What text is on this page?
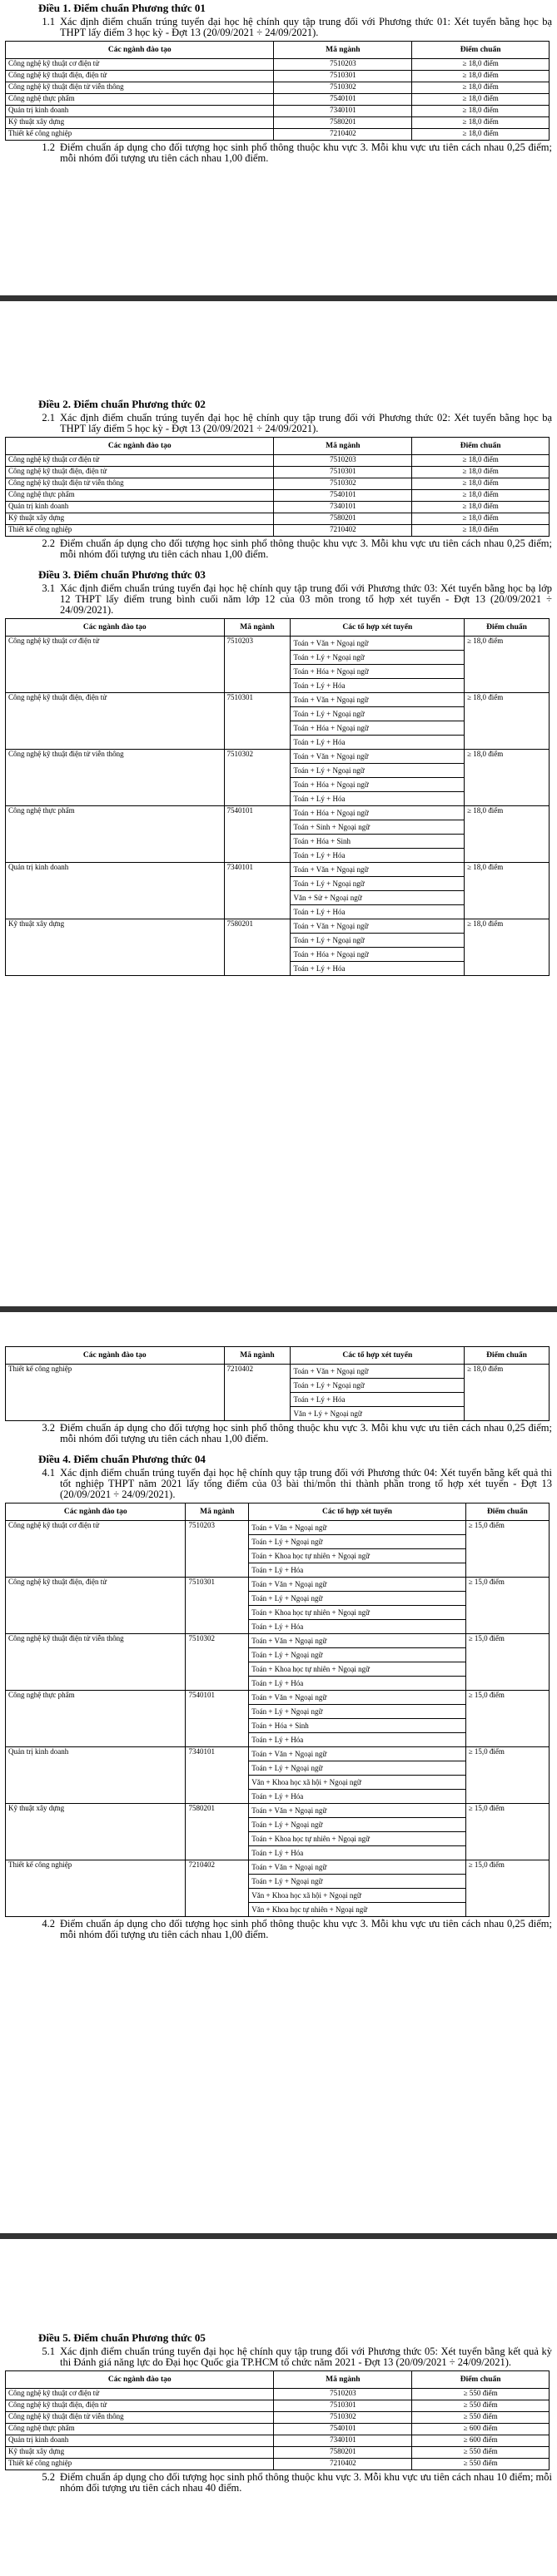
Điều 1. Điểm chuẩn Phương thức 01
1.1 Xác định điểm chuẩn trúng tuyển đại học hệ chính quy tập trung đối với Phương thức 01: Xét tuyển bằng học bạ THPT lấy điểm 3 học kỳ - Đợt 13 (20/09/2021 ÷ 24/09/2021).
Các ngành đào tạo	Mã ngành	Điểm chuẩn
Công nghệ kỹ thuật cơ điện tử	7510203	≥ 18,0 điểm
Công nghệ kỹ thuật điện, điện tử	7510301	≥ 18,0 điểm
Công nghệ kỹ thuật điện tử viễn thông	7510302	≥ 18,0 điểm
Công nghệ thực phẩm	7540101	≥ 18,0 điểm
Quản trị kinh doanh	7340101	≥ 18,0 điểm
Kỹ thuật xây dựng	7580201	≥ 18,0 điểm
Thiết kế công nghiệp	7210402	≥ 18,0 điểm
1.2 Điểm chuẩn áp dụng cho đối tượng học sinh phổ thông thuộc khu vực 3. Mỗi khu vực ưu tiên cách nhau 0,25 điểm; mỗi nhóm đối tượng ưu tiên cách nhau 1,00 điểm.
Điều 2. Điểm chuẩn Phương thức 02
2.1 Xác định điểm chuẩn trúng tuyển đại học hệ chính quy tập trung đối với Phương thức 02: Xét tuyển bằng học bạ THPT lấy điểm 5 học kỳ - Đợt 13 (20/09/2021 ÷ 24/09/2021).
Các ngành đào tạo	Mã ngành	Điểm chuẩn
Công nghệ kỹ thuật cơ điện tử	7510203	≥ 18,0 điểm
Công nghệ kỹ thuật điện, điện tử	7510301	≥ 18,0 điểm
Công nghệ kỹ thuật điện tử viễn thông	7510302	≥ 18,0 điểm
Công nghệ thực phẩm	7540101	≥ 18,0 điểm
Quản trị kinh doanh	7340101	≥ 18,0 điểm
Kỹ thuật xây dựng	7580201	≥ 18,0 điểm
Thiết kế công nghiệp	7210402	≥ 18,0 điểm
2.2 Điểm chuẩn áp dụng cho đối tượng học sinh phổ thông thuộc khu vực 3. Mỗi khu vực ưu tiên cách nhau 0,25 điểm; mỗi nhóm đối tượng ưu tiên cách nhau 1,00 điểm.
Điều 3. Điểm chuẩn Phương thức 03
3.1 Xác định điểm chuẩn trúng tuyển đại học hệ chính quy tập trung đối với Phương thức 03: Xét tuyển bằng học bạ lớp 12 THPT lấy điểm trung bình cuối năm lớp 12 của 03 môn trong tổ hợp xét tuyển - Đợt 13 (20/09/2021 ÷ 24/09/2021).
Các ngành đào tạo	Mã ngành	Các tổ hợp xét tuyển	Điểm chuẩn
Công nghệ kỹ thuật cơ điện tử	7510203	Toán + Văn + Ngoại ngữ
Toán + Lý + Ngoại ngữ
Toán + Hóa + Ngoại ngữ
Toán + Lý + Hóa	≥ 18,0 điểm
Công nghệ kỹ thuật điện, điện tử	7510301	Toán + Văn + Ngoại ngữ
Toán + Lý + Ngoại ngữ
Toán + Hóa + Ngoại ngữ
Toán + Lý + Hóa	≥ 18,0 điểm
Công nghệ kỹ thuật điện tử viễn thông	7510302	Toán + Văn + Ngoại ngữ
Toán + Lý + Ngoại ngữ
Toán + Hóa + Ngoại ngữ
Toán + Lý + Hóa	≥ 18,0 điểm
Công nghệ thực phẩm	7540101	Toán + Hóa + Ngoại ngữ
Toán + Sinh + Ngoại ngữ
Toán + Hóa + Sinh
Toán + Lý + Hóa	≥ 18,0 điểm
Quản trị kinh doanh	7340101	Toán + Văn + Ngoại ngữ
Toán + Lý + Ngoại ngữ
Văn + Sử + Ngoại ngữ
Toán + Lý + Hóa	≥ 18,0 điểm
Kỹ thuật xây dựng	7580201	Toán + Văn + Ngoại ngữ
Toán + Lý + Ngoại ngữ
Toán + Hóa + Ngoại ngữ
Toán + Lý + Hóa	≥ 18,0 điểm
Các ngành đào tạo	Mã ngành	Các tổ hợp xét tuyển	Điểm chuẩn
Thiết kế công nghiệp	7210402	Toán + Văn + Ngoại ngữ
Toán + Lý + Ngoại ngữ
Toán + Lý + Hóa
Văn + Lý + Ngoại ngữ	≥ 18,0 điểm
3.2 Điểm chuẩn áp dụng cho đối tượng học sinh phổ thông thuộc khu vực 3. Mỗi khu vực ưu tiên cách nhau 0,25 điểm; mỗi nhóm đối tượng ưu tiên cách nhau 1,00 điểm.
Điều 4. Điểm chuẩn Phương thức 04
4.1 Xác định điểm chuẩn trúng tuyển đại học hệ chính quy tập trung đối với Phương thức 04: Xét tuyển bằng kết quả thi tốt nghiệp THPT năm 2021 lấy tổng điểm của 03 bài thi/môn thi thành phần trong tổ hợp xét tuyển - Đợt 13 (20/09/2021 ÷ 24/09/2021).
Các ngành đào tạo	Mã ngành	Các tổ hợp xét tuyển	Điểm chuẩn
Công nghệ kỹ thuật cơ điện tử	7510203	Toán + Văn + Ngoại ngữ
Toán + Lý + Ngoại ngữ
Toán + Khoa học tự nhiên + Ngoại ngữ
Toán + Lý + Hóa	≥ 15,0 điểm
Công nghệ kỹ thuật điện, điện tử	7510301	Toán + Văn + Ngoại ngữ
Toán + Lý + Ngoại ngữ
Toán + Khoa học tự nhiên + Ngoại ngữ
Toán + Lý + Hóa	≥ 15,0 điểm
Công nghệ kỹ thuật điện tử viễn thông	7510302	Toán + Văn + Ngoại ngữ
Toán + Lý + Ngoại ngữ
Toán + Khoa học tự nhiên + Ngoại ngữ
Toán + Lý + Hóa	≥ 15,0 điểm
Công nghệ thực phẩm	7540101	Toán + Văn + Ngoại ngữ
Toán + Lý + Ngoại ngữ
Toán + Hóa + Sinh
Toán + Lý + Hóa	≥ 15,0 điểm
Quản trị kinh doanh	7340101	Toán + Văn + Ngoại ngữ
Toán + Lý + Ngoại ngữ
Văn + Khoa học xã hội + Ngoại ngữ
Toán + Lý + Hóa	≥ 15,0 điểm
Kỹ thuật xây dựng	7580201	Toán + Văn + Ngoại ngữ
Toán + Lý + Ngoại ngữ
Toán + Khoa học tự nhiên + Ngoại ngữ
Toán + Lý + Hóa	≥ 15,0 điểm
Thiết kế công nghiệp	7210402	Toán + Văn + Ngoại ngữ
Toán + Lý + Ngoại ngữ
Văn + Khoa học xã hội + Ngoại ngữ
Văn + Khoa học tự nhiên + Ngoại ngữ	≥ 15,0 điểm
4.2 Điểm chuẩn áp dụng cho đối tượng học sinh phổ thông thuộc khu vực 3. Mỗi khu vực ưu tiên cách nhau 0,25 điểm; mỗi nhóm đối tượng ưu tiên cách nhau 1,00 điểm.
Điều 5. Điểm chuẩn Phương thức 05
5.1 Xác định điểm chuẩn trúng tuyển đại học hệ chính quy tập trung đối với Phương thức 05: Xét tuyển bằng kết quả kỳ thi Đánh giá năng lực do Đại học Quốc gia TP.HCM tổ chức năm 2021 - Đợt 13 (20/09/2021 ÷ 24/09/2021).
Các ngành đào tạo	Mã ngành	Điểm chuẩn
Công nghệ kỹ thuật cơ điện tử	7510203	≥ 550 điểm
Công nghệ kỹ thuật điện, điện tử	7510301	≥ 550 điểm
Công nghệ kỹ thuật điện tử viễn thông	7510302	≥ 550 điểm
Công nghệ thực phẩm	7540101	≥ 600 điểm
Quản trị kinh doanh	7340101	≥ 600 điểm
Kỹ thuật xây dựng	7580201	≥ 550 điểm
Thiết kế công nghiệp	7210402	≥ 550 điểm
5.2 Điểm chuẩn áp dụng cho đối tượng học sinh phổ thông thuộc khu vực 3. Mỗi khu vực ưu tiên cách nhau 10 điểm; mỗi nhóm đối tượng ưu tiên cách nhau 40 điểm.
